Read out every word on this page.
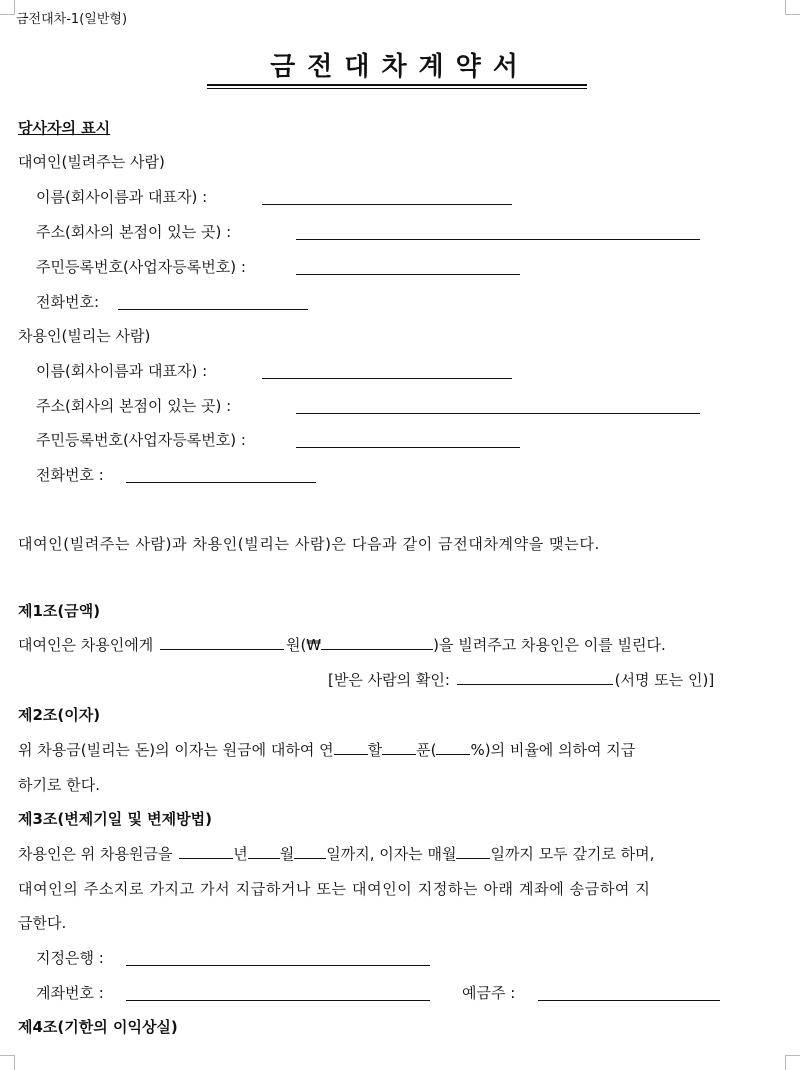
금전대차-1(일반형)
금전대차계약서
당사자의 표시
대여인(빌려주는 사람)
이름(회사이름과 대표자) :
주소(회사의 본점이 있는 곳) :
주민등록번호(사업자등록번호) :
전화번호:
차용인(빌리는 사람)
이름(회사이름과 대표자) :
주소(회사의 본점이 있는 곳) :
주민등록번호(사업자등록번호) :
전화번호 :
대여인(빌려주는 사람)과 차용인(빌리는 사람)은 다음과 같이 금전대차계약을 맺는다.
제1조(금액)
대여인은 차용인에게	원(₩	)을 빌려주고 차용인은 이를 빌린다.
[받은 사람의 확인:	(서명 또는 인)]
제2조(이자)
위 차용금(빌리는 돈)의 이자는 원금에 대하여 연 할 푼( %)의 비율에 의하여 지급
하기로 한다.
제3조(변제기일 및 변제방법)
차용인은 위 차용원금을	년 월 일까지, 이자는 매월 일까지 모두 갚기로 하며,
대여인의 주소지로 가지고 가서 지급하거나 또는 대여인이 지정하는 아래 계좌에 송금하여 지
급한다.
지정은행 :
계좌번호 :	예금주 :
제4조(기한의 이익상실)
